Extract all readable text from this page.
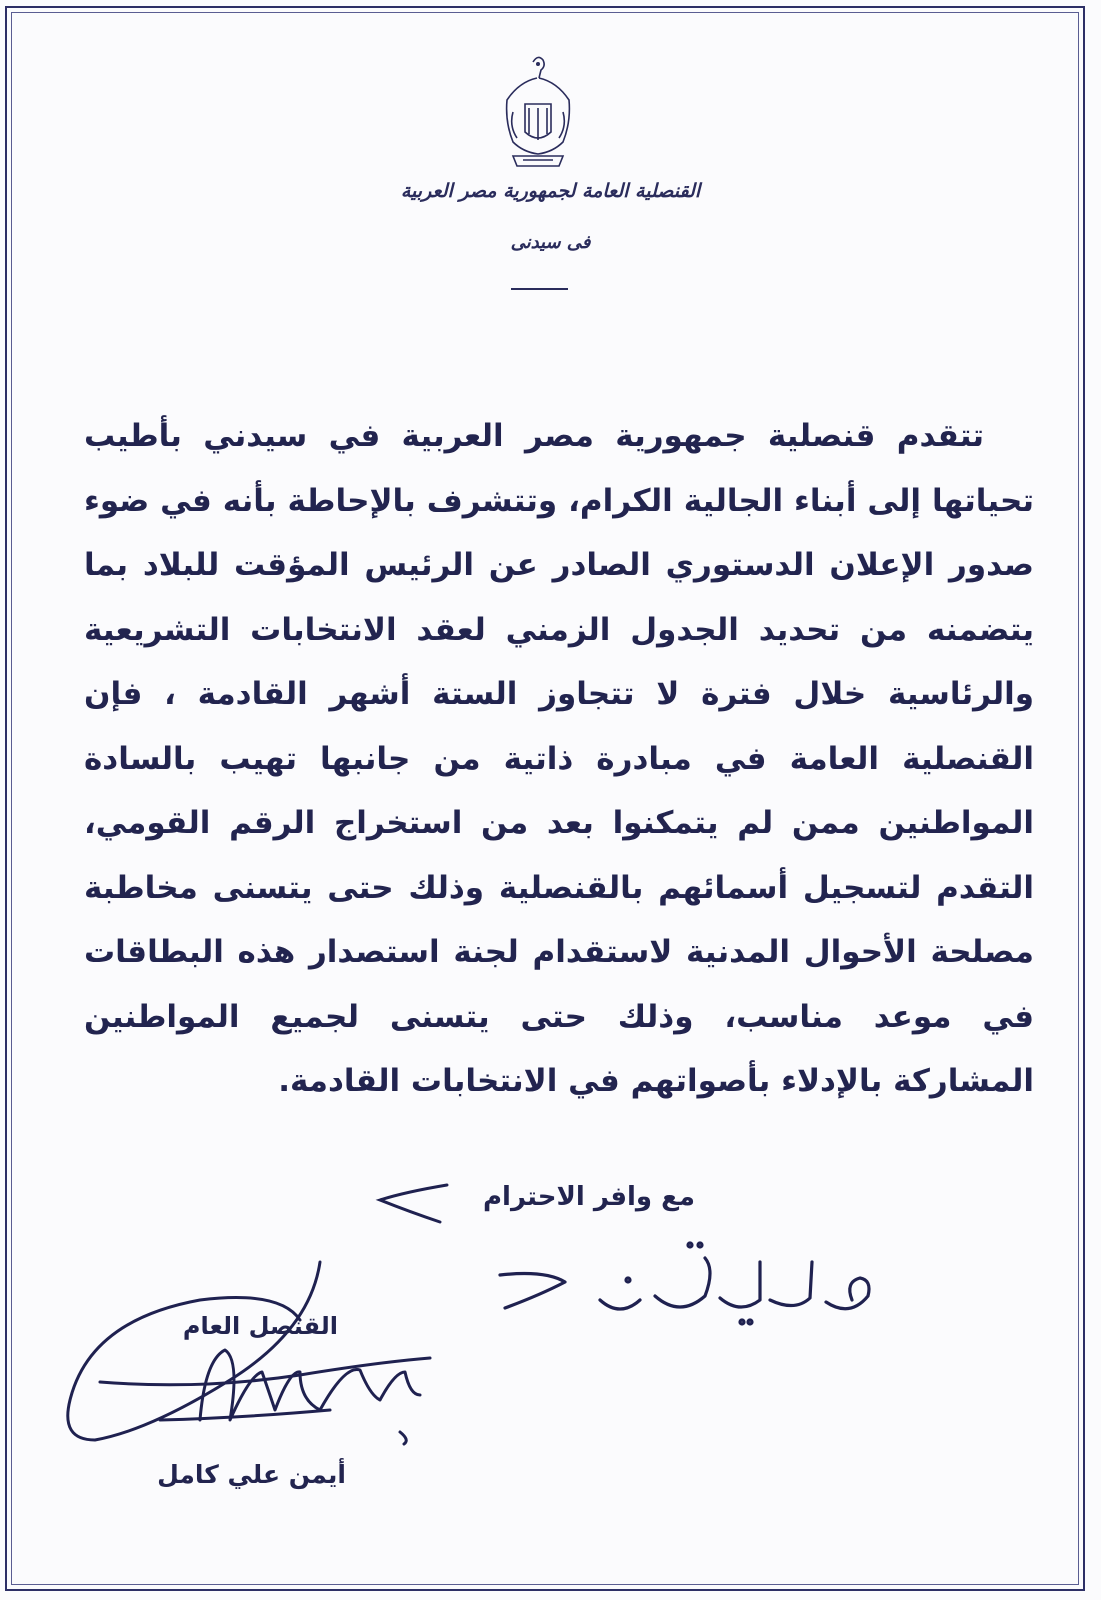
القنصلية العامة لجمهورية مصر العربية
فى سيدنى

تتقدم قنصلية جمهورية مصر العربية في سيدني بأطيب تحياتها إلى أبناء الجالية الكرام، وتتشرف بالإحاطة بأنه في ضوء صدور الإعلان الدستوري الصادر عن الرئيس المؤقت للبلاد بما يتضمنه من تحديد الجدول الزمني لعقد الانتخابات التشريعية والرئاسية خلال فترة لا تتجاوز الستة أشهر القادمة ، فإن القنصلية العامة في مبادرة ذاتية من جانبها تهيب بالسادة المواطنين ممن لم يتمكنوا بعد من استخراج الرقم القومي، التقدم لتسجيل أسمائهم بالقنصلية وذلك حتى يتسنى مخاطبة مصلحة الأحوال المدنية لاستقدام لجنة استصدار هذه البطاقات في موعد مناسب، وذلك حتى يتسنى لجميع المواطنين المشاركة بالإدلاء بأصواتهم في الانتخابات القادمة.

مع وافر الاحترام
القنصل العام
أيمن علي كامل
